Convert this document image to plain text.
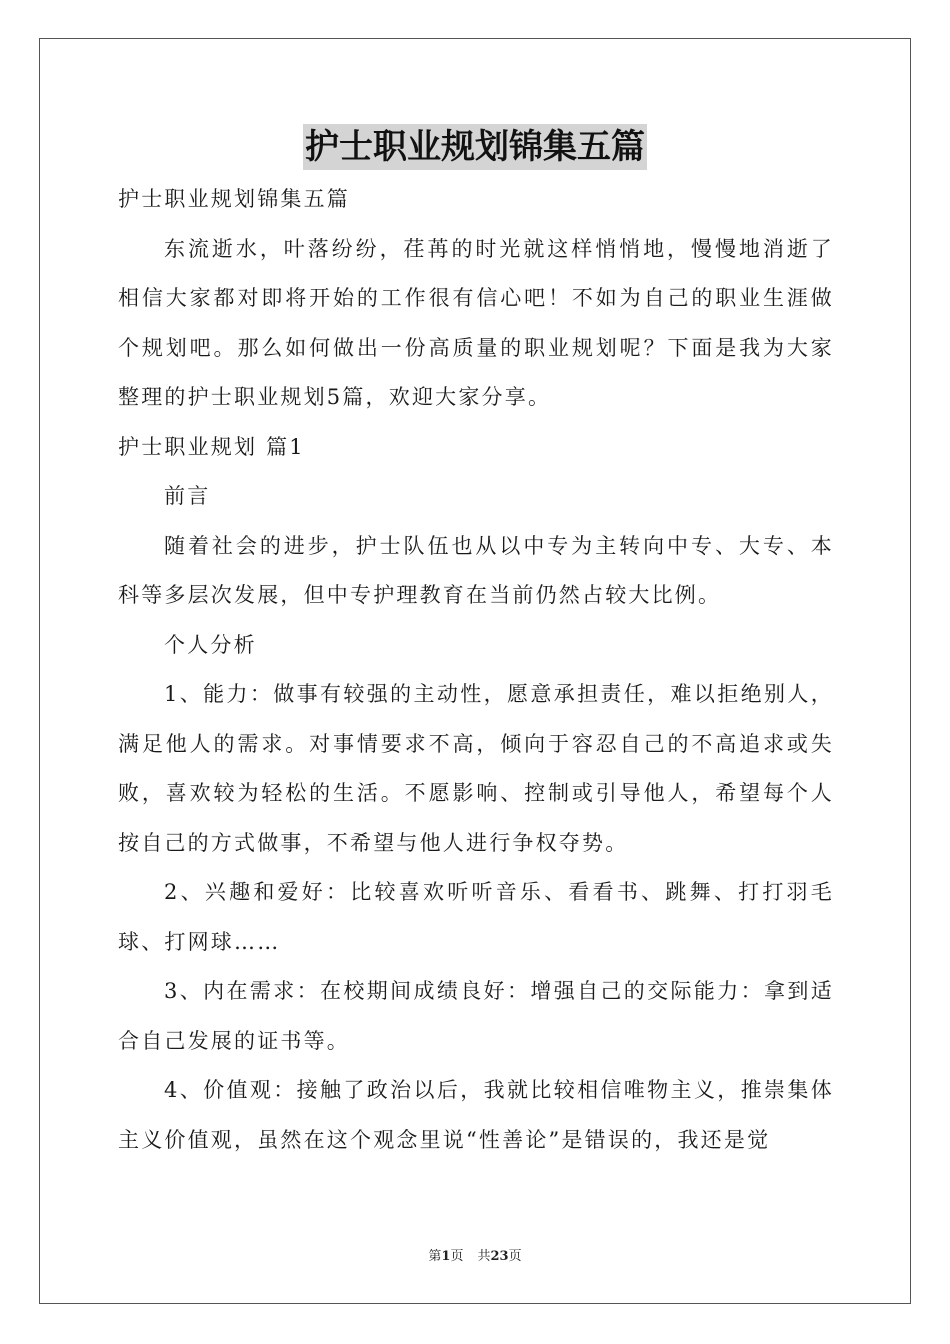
护士职业规划锦集五篇

护士职业规划锦集五篇

东流逝水，叶落纷纷，荏苒的时光就这样悄悄地，慢慢地消逝了相信大家都对即将开始的工作很有信心吧！不如为自己的职业生涯做个规划吧。那么如何做出一份高质量的职业规划呢？下面是我为大家整理的护士职业规划5篇，欢迎大家分享。

护士职业规划 篇1

前言

随着社会的进步，护士队伍也从以中专为主转向中专、大专、本科等多层次发展，但中专护理教育在当前仍然占较大比例。

个人分析

1、能力：做事有较强的主动性，愿意承担责任，难以拒绝别人，满足他人的需求。对事情要求不高，倾向于容忍自己的不高追求或失败，喜欢较为轻松的生活。不愿影响、控制或引导他人，希望每个人按自己的方式做事，不希望与他人进行争权夺势。

2、兴趣和爱好：比较喜欢听听音乐、看看书、跳舞、打打羽毛球、打网球……

3、内在需求：在校期间成绩良好：增强自己的交际能力：拿到适合自己发展的证书等。

4、价值观：接触了政治以后，我就比较相信唯物主义，推崇集体主义价值观，虽然在这个观念里说“性善论”是错误的，我还是觉

第1页 共23页
